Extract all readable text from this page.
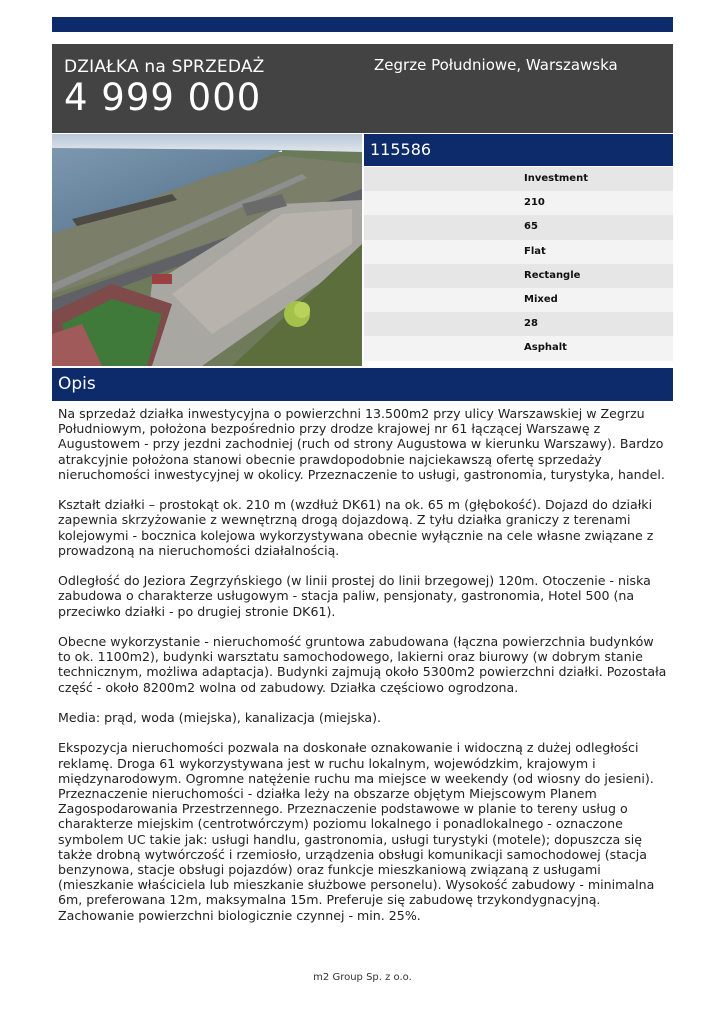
DZIAŁKA na SPRZEDAŻ
4 999 000
Zegrze Południowe, Warszawska
115586
Investment
210
65
Flat
Rectangle
Mixed
28
Asphalt
Opis

Na sprzedaż działka inwestycyjna o powierzchni 13.500m2 przy ulicy Warszawskiej w Zegrzu Południowym, położona bezpośrednio przy drodze krajowej nr 61 łączącej Warszawę z Augustowem - przy jezdni zachodniej (ruch od strony Augustowa w kierunku Warszawy). Bardzo atrakcyjnie położona stanowi obecnie prawdopodobnie najciekawszą ofertę sprzedaży nieruchomości inwestycyjnej w okolicy. Przeznaczenie to usługi, gastronomia, turystyka, handel.

Kształt działki – prostokąt ok. 210 m (wzdłuż DK61) na ok. 65 m (głębokość). Dojazd do działki zapewnia skrzyżowanie z wewnętrzną drogą dojazdową. Z tyłu działka graniczy z terenami kolejowymi - bocznica kolejowa wykorzystywana obecnie wyłącznie na cele własne związane z prowadzoną na nieruchomości działalnością.

Odległość do Jeziora Zegrzyńskiego (w linii prostej do linii brzegowej) 120m. Otoczenie - niska zabudowa o charakterze usługowym - stacja paliw, pensjonaty, gastronomia, Hotel 500 (na przeciwko działki - po drugiej stronie DK61).

Obecne wykorzystanie - nieruchomość gruntowa zabudowana (łączna powierzchnia budynków to ok. 1100m2), budynki warsztatu samochodowego, lakierni oraz biurowy (w dobrym stanie technicznym, możliwa adaptacja). Budynki zajmują około 5300m2 powierzchni działki. Pozostała część - około 8200m2 wolna od zabudowy. Działka częściowo ogrodzona.

Media: prąd, woda (miejska), kanalizacja (miejska).

Ekspozycja nieruchomości pozwala na doskonałe oznakowanie i widoczną z dużej odległości reklamę. Droga 61 wykorzystywana jest w ruchu lokalnym, wojewódzkim, krajowym i międzynarodowym. Ogromne natężenie ruchu ma miejsce w weekendy (od wiosny do jesieni). Przeznaczenie nieruchomości - działka leży na obszarze objętym Miejscowym Planem Zagospodarowania Przestrzennego. Przeznaczenie podstawowe w planie to tereny usług o charakterze miejskim (centrotwórczym) poziomu lokalnego i ponadlokalnego - oznaczone symbolem UC takie jak: usługi handlu, gastronomia, usługi turystyki (motele); dopuszcza się także drobną wytwórczość i rzemiosło, urządzenia obsługi komunikacji samochodowej (stacja benzynowa, stacje obsługi pojazdów) oraz funkcje mieszkaniową związaną z usługami (mieszkanie właściciela lub mieszkanie służbowe personelu). Wysokość zabudowy - minimalna 6m, preferowana 12m, maksymalna 15m. Preferuje się zabudowę trzykondygnacyjną. Zachowanie powierzchni biologicznie czynnej - min. 25%.

m2 Group Sp. z o.o.
